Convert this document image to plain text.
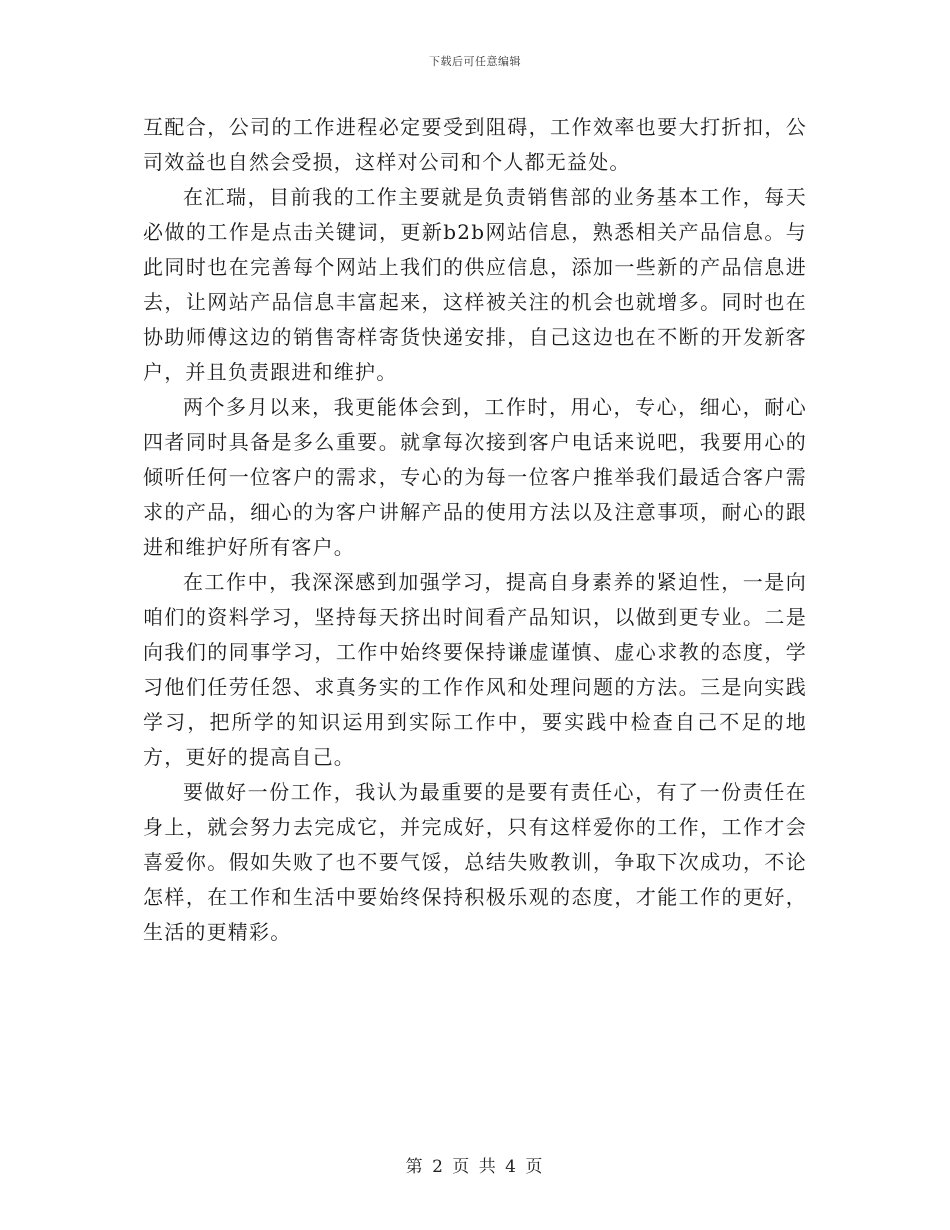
下载后可任意编辑

互配合，公司的工作进程必定要受到阻碍，工作效率也要大打折扣，公司效益也自然会受损，这样对公司和个人都无益处。

在汇瑞，目前我的工作主要就是负责销售部的业务基本工作，每天必做的工作是点击关键词，更新b2b网站信息，熟悉相关产品信息。与此同时也在完善每个网站上我们的供应信息，添加一些新的产品信息进去，让网站产品信息丰富起来，这样被关注的机会也就增多。同时也在协助师傅这边的销售寄样寄货快递安排，自己这边也在不断的开发新客户，并且负责跟进和维护。

两个多月以来，我更能体会到，工作时，用心，专心，细心，耐心四者同时具备是多么重要。就拿每次接到客户电话来说吧，我要用心的倾听任何一位客户的需求，专心的为每一位客户推举我们最适合客户需求的产品，细心的为客户讲解产品的使用方法以及注意事项，耐心的跟进和维护好所有客户。

在工作中，我深深感到加强学习，提高自身素养的紧迫性，一是向咱们的资料学习，坚持每天挤出时间看产品知识，以做到更专业。二是向我们的同事学习，工作中始终要保持谦虚谨慎、虚心求教的态度，学习他们任劳任怨、求真务实的工作作风和处理问题的方法。三是向实践学习，把所学的知识运用到实际工作中，要实践中检查自己不足的地方，更好的提高自己。

要做好一份工作，我认为最重要的是要有责任心，有了一份责任在身上，就会努力去完成它，并完成好，只有这样爱你的工作，工作才会喜爱你。假如失败了也不要气馁，总结失败教训，争取下次成功，不论怎样，在工作和生活中要始终保持积极乐观的态度，才能工作的更好，生活的更精彩。

第 2 页 共 4 页
